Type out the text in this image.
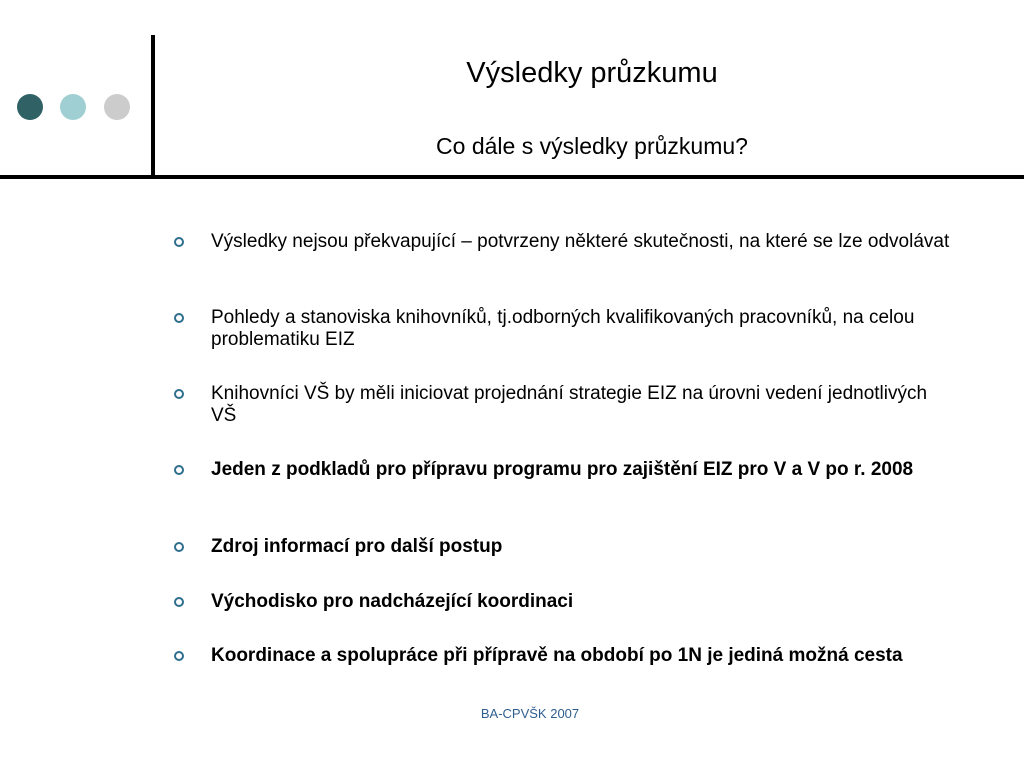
Výsledky průzkumu
Co dále s výsledky průzkumu?
Výsledky nejsou překvapující – potvrzeny některé skutečnosti, na které se lze odvolávat
Pohledy a stanoviska knihovníků, tj.odborných kvalifikovaných pracovníků, na celou problematiku EIZ
Knihovníci VŠ by měli iniciovat projednání strategie EIZ na úrovni vedení jednotlivých VŠ
Jeden z podkladů pro přípravu programu pro zajištění EIZ pro V a V po r. 2008
Zdroj informací pro další postup
Východisko pro nadcházející koordinaci
Koordinace a spolupráce při přípravě na období po 1N je jediná možná cesta
BA-CPVŠK 2007
